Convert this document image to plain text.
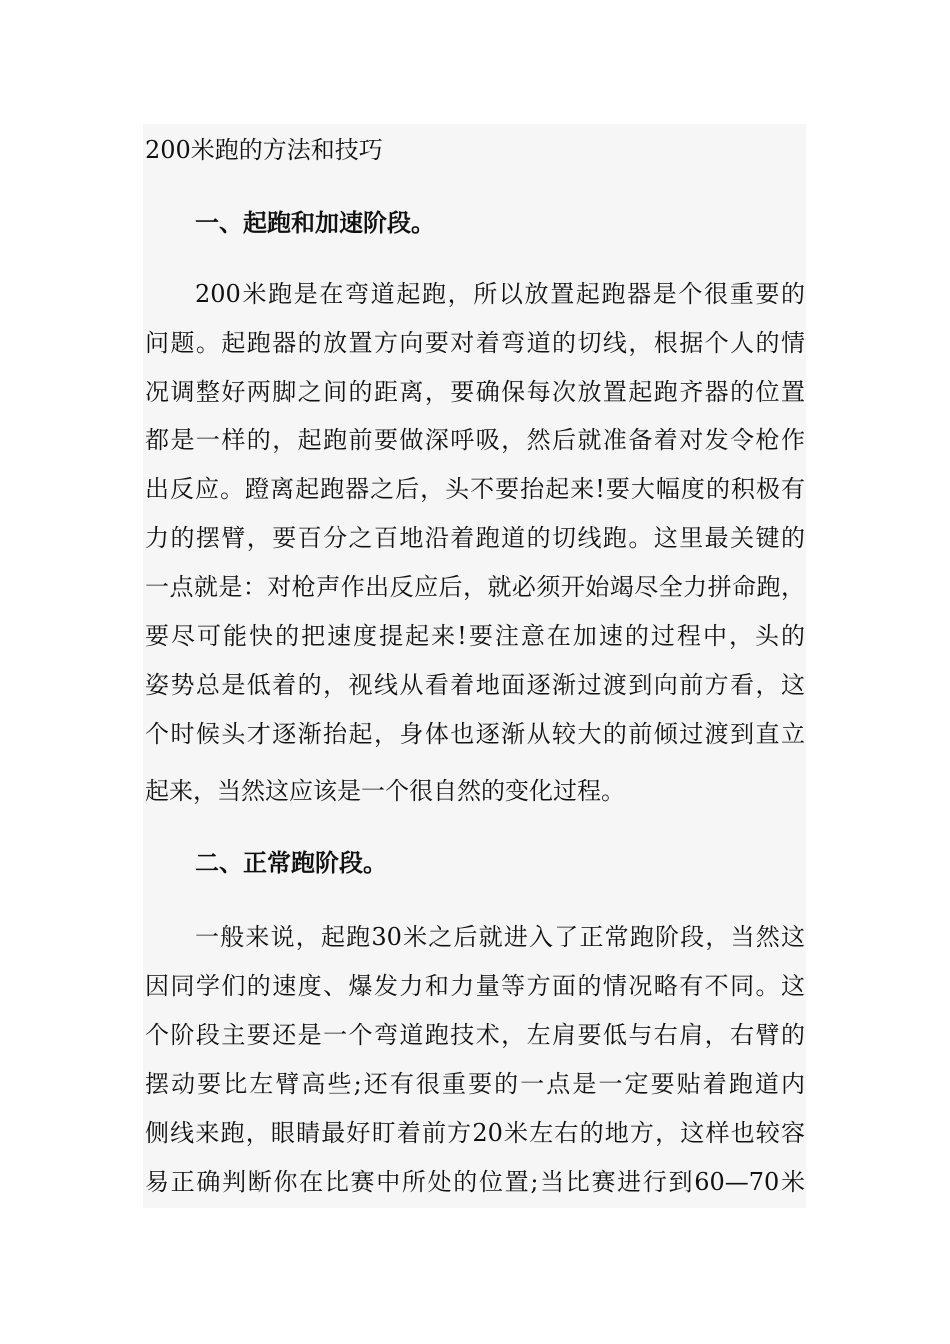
200米跑的方法和技巧
一、起跑和加速阶段。
200米跑是在弯道起跑，所以放置起跑器是个很重要的
问题。起跑器的放置方向要对着弯道的切线，根据个人的情
况调整好两脚之间的距离，要确保每次放置起跑齐器的位置
都是一样的，起跑前要做深呼吸，然后就准备着对发令枪作
出反应。蹬离起跑器之后，头不要抬起来!要大幅度的积极有
力的摆臂，要百分之百地沿着跑道的切线跑。这里最关键的
一点就是：对枪声作出反应后，就必须开始竭尽全力拼命跑，
要尽可能快的把速度提起来!要注意在加速的过程中，头的
姿势总是低着的，视线从看着地面逐渐过渡到向前方看，这
个时候头才逐渐抬起，身体也逐渐从较大的前倾过渡到直立
起来，当然这应该是一个很自然的变化过程。
二、正常跑阶段。
一般来说，起跑30米之后就进入了正常跑阶段，当然这
因同学们的速度、爆发力和力量等方面的情况略有不同。这
个阶段主要还是一个弯道跑技术，左肩要低与右肩，右臂的
摆动要比左臂高些;还有很重要的一点是一定要贴着跑道内
侧线来跑，眼睛最好盯着前方20米左右的地方，这样也较容
易正确判断你在比赛中所处的位置;当比赛进行到60—70米
